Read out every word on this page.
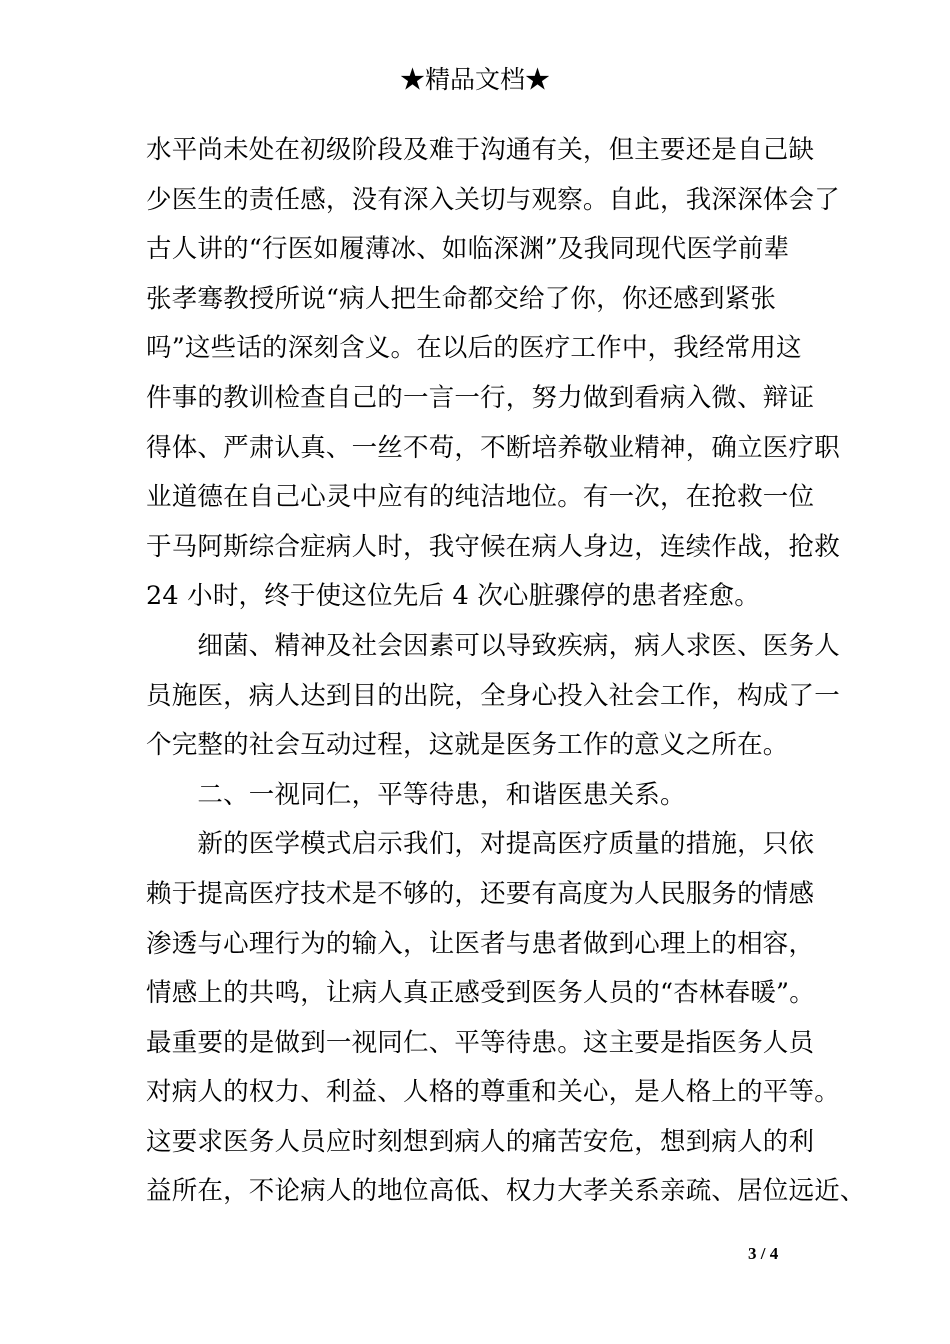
★精品文档★
水平尚未处在初级阶段及难于沟通有关，但主要还是自己缺
少医生的责任感，没有深入关切与观察。自此，我深深体会了
古人讲的“行医如履薄冰、如临深渊”及我同现代医学前辈
张孝骞教授所说“病人把生命都交给了你，你还感到紧张
吗”这些话的深刻含义。在以后的医疗工作中，我经常用这
件事的教训检查自己的一言一行，努力做到看病入微、辩证
得体、严肃认真、一丝不苟，不断培养敬业精神，确立医疗职
业道德在自己心灵中应有的纯洁地位。有一次，在抢救一位
于马阿斯综合症病人时，我守候在病人身边，连续作战，抢救
24 小时，终于使这位先后 4 次心脏骤停的患者痊愈。
　　细菌、精神及社会因素可以导致疾病，病人求医、医务人
员施医，病人达到目的出院，全身心投入社会工作，构成了一
个完整的社会互动过程，这就是医务工作的意义之所在。
　　二、一视同仁，平等待患，和谐医患关系。
　　新的医学模式启示我们，对提高医疗质量的措施，只依
赖于提高医疗技术是不够的，还要有高度为人民服务的情感
渗透与心理行为的输入，让医者与患者做到心理上的相容，
情感上的共鸣，让病人真正感受到医务人员的“杏林春暖”。
最重要的是做到一视同仁、平等待患。这主要是指医务人员
对病人的权力、利益、人格的尊重和关心，是人格上的平等。
这要求医务人员应时刻想到病人的痛苦安危，想到病人的利
益所在，不论病人的地位高低、权力大孝关系亲疏、居位远近、
3 / 4
